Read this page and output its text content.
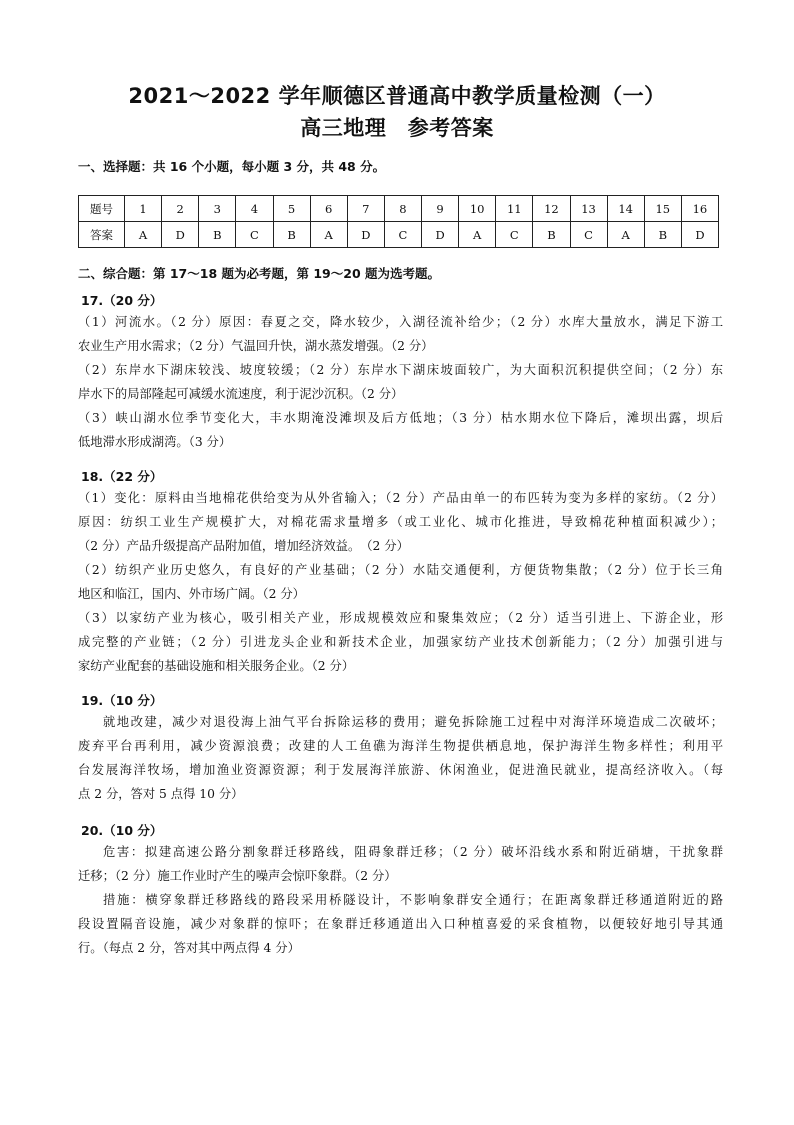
2021～2022 学年顺德区普通高中教学质量检测（一）
高三地理　参考答案
一、选择题：共 16 个小题，每小题 3 分，共 48 分。
题号	1	2	3	4	5	6	7	8	9	10	11	12	13	14	15	16
答案	A	D	B	C	B	A	D	C	D	A	C	B	C	A	B	D
二、综合题：第 17～18 题为必考题，第 19～20 题为选考题。
17.（20 分）
（1）河流水。（2 分）原因：春夏之交，降水较少，入湖径流补给少；（2 分）水库大量放水，满足下游工
农业生产用水需求；（2 分）气温回升快，湖水蒸发增强。（2 分）
（2）东岸水下湖床较浅、坡度较缓；（2 分）东岸水下湖床坡面较广，为大面积沉积提供空间；（2 分）东
岸水下的局部隆起可减缓水流速度，利于泥沙沉积。（2 分）
（3）峡山湖水位季节变化大，丰水期淹没滩坝及后方低地；（3 分）枯水期水位下降后，滩坝出露，坝后
低地滞水形成湖湾。（3 分）
18.（22 分）
（1）变化：原料由当地棉花供给变为从外省输入；（2 分）产品由单一的布匹转为变为多样的家纺。（2 分）
原因：纺织工业生产规模扩大，对棉花需求量增多（或工业化、城市化推进，导致棉花种植面积减少）；
（2 分）产品升级提高产品附加值，增加经济效益。　（2 分）
（2）纺织产业历史悠久，有良好的产业基础；（2 分）水陆交通便利，方便货物集散；（2 分）位于长三角
地区和临江，国内、外市场广阔。（2 分）
（3）以家纺产业为核心，吸引相关产业，形成规模效应和聚集效应；（2 分）适当引进上、下游企业，形
成完整的产业链；（2 分）引进龙头企业和新技术企业，加强家纺产业技术创新能力；（2 分）加强引进与
家纺产业配套的基础设施和相关服务企业。（2 分）
19.（10 分）
就地改建，减少对退役海上油气平台拆除运移的费用；避免拆除施工过程中对海洋环境造成二次破坏；
废弃平台再利用，减少资源浪费；改建的人工鱼礁为海洋生物提供栖息地，保护海洋生物多样性；利用平
台发展海洋牧场，增加渔业资源资源；利于发展海洋旅游、休闲渔业，促进渔民就业，提高经济收入。（每
点 2 分，答对 5 点得 10 分）
20.（10 分）
危害：拟建高速公路分割象群迁移路线，阻碍象群迁移；（2 分）破坏沿线水系和附近硝塘，干扰象群
迁移；（2 分）施工作业时产生的噪声会惊吓象群。（2 分）
措施：横穿象群迁移路线的路段采用桥隧设计，不影响象群安全通行；在距离象群迁移通道附近的路
段设置隔音设施，减少对象群的惊吓；在象群迁移通道出入口种植喜爱的采食植物，以便较好地引导其通
行。（每点 2 分，答对其中两点得 4 分）
